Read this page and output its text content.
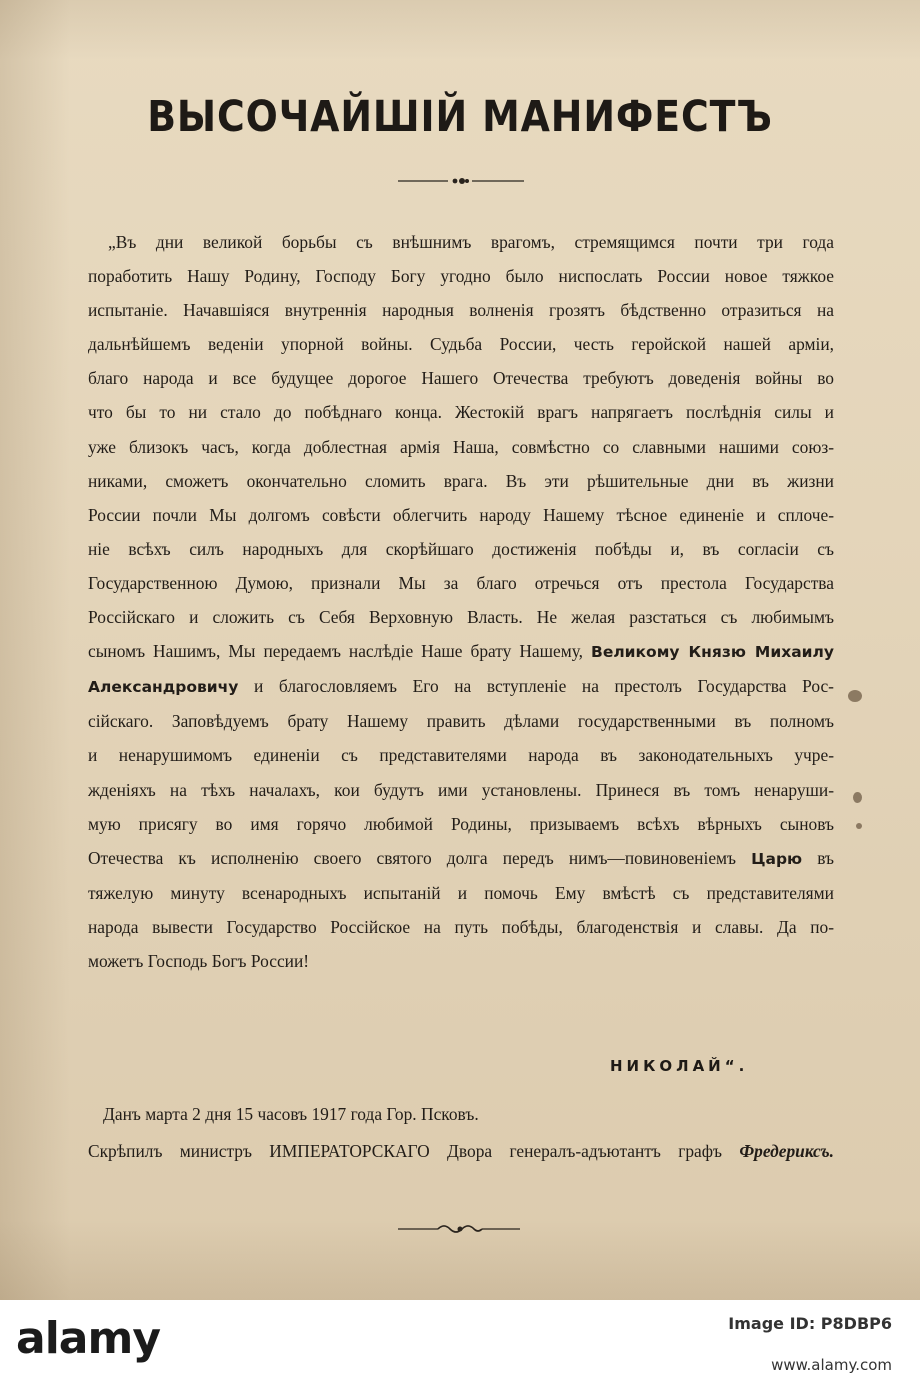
ВЫСОЧАЙШІЙ МАНИФЕСТЪ
„Въ дни великой борьбы съ внѣшнимъ врагомъ, стремящимся почти три года
поработить Нашу Родину, Господу Богу угодно было ниспослать России новое тяжкое
испытаніе. Начавшіяся внутреннія народныя волненія грозятъ бѣдственно отразиться на
дальнѣйшемъ веденіи упорной войны. Судьба России, честь геройской нашей арміи,
благо народа и все будущее дорогое Нашего Отечества требуютъ доведенія войны во
что бы то ни стало до побѣднаго конца. Жестокій врагъ напрягаетъ послѣднія силы и
уже близокъ часъ, когда доблестная армія Наша, совмѣстно со славными нашими союз-
никами, сможетъ окончательно сломить врага. Въ эти рѣшительные дни въ жизни
России почли Мы долгомъ совѣсти облегчить народу Нашему тѣсное единеніе и сплоче-
ніе всѣхъ силъ народныхъ для скорѣйшаго достиженія побѣды и, въ согласіи съ
Государственною Думою, признали Мы за благо отречься отъ престола Государства
Россійскаго и сложить съ Себя Верховную Власть. Не желая разстаться съ любимымъ
сыномъ Нашимъ, Мы передаемъ наслѣдіе Наше брату Нашему, Великому Князю Михаилу
Александровичу и благословляемъ Его на вступленіе на престолъ Государства Рос-
сійскаго. Заповѣдуемъ брату Нашему править дѣлами государственными въ полномъ
и ненарушимомъ единеніи съ представителями народа въ законодательныхъ учре-
жденіяхъ на тѣхъ началахъ, кои будутъ ими установлены. Принеся въ томъ ненаруши-
мую присягу во имя горячо любимой Родины, призываемъ всѣхъ вѣрныхъ сыновъ
Отечества къ исполненію своего святого долга передъ нимъ—повиновеніемъ Царю въ
тяжелую минуту всенародныхъ испытаній и помочь Ему вмѣстѣ съ представителями
народа вывести Государство Россійское на путь побѣды, благоденствія и славы. Да по-
можетъ Господь Богъ России!
НИКОЛАЙ“.
Данъ марта 2 дня 15 часовъ 1917 года Гор. Псковъ.
Скрѣпилъ министръ ИМПЕРАТОРСКАГО Двора генералъ-адъютантъ графъ Фредериксъ.
alamy	Image ID: P8DBP6
www.alamy.com
